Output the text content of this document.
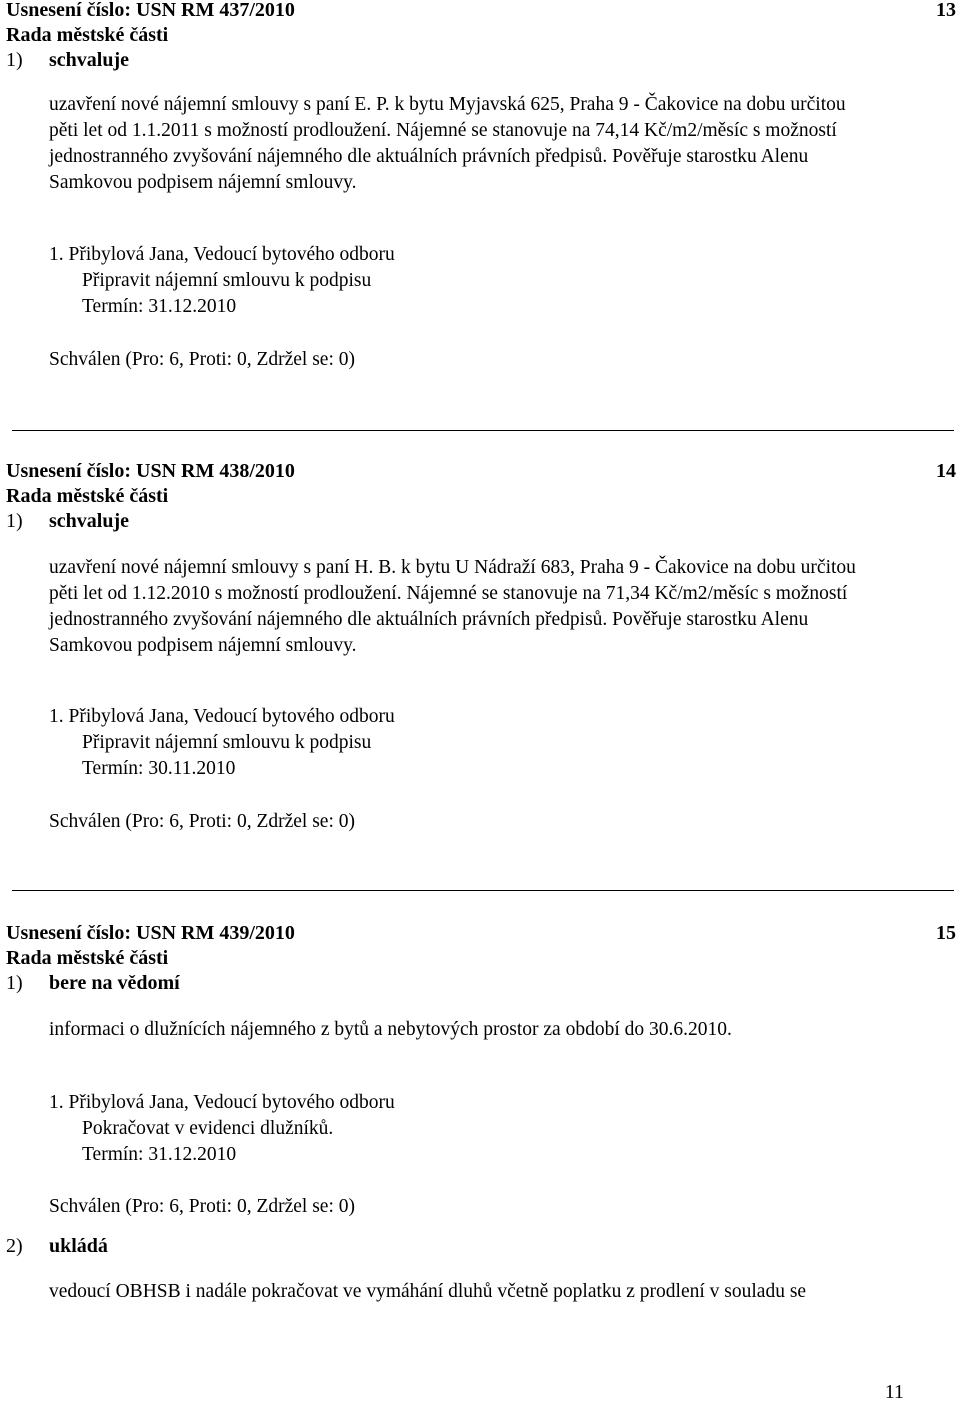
Usnesení číslo: USN RM 437/2010	13
Rada městské části
1) schvaluje
uzavření nové nájemní smlouvy s paní E. P. k bytu Myjavská 625, Praha 9 - Čakovice na dobu určitou
pěti let od 1.1.2011 s možností prodloužení. Nájemné se stanovuje na 74,14 Kč/m2/měsíc s možností
jednostranného zvyšování nájemného dle aktuálních právních předpisů. Pověřuje starostku Alenu
Samkovou podpisem nájemní smlouvy.
1. Přibylová Jana, Vedoucí bytového odboru
Připravit nájemní smlouvu k podpisu
Termín: 31.12.2010
Schválen (Pro: 6, Proti: 0, Zdržel se: 0)
Usnesení číslo: USN RM 438/2010	14
Rada městské části
1) schvaluje
uzavření nové nájemní smlouvy s paní H. B. k bytu U Nádraží 683, Praha 9 - Čakovice na dobu určitou
pěti let od 1.12.2010 s možností prodloužení. Nájemné se stanovuje na 71,34 Kč/m2/měsíc s možností
jednostranného zvyšování nájemného dle aktuálních právních předpisů. Pověřuje starostku Alenu
Samkovou podpisem nájemní smlouvy.
1. Přibylová Jana, Vedoucí bytového odboru
Připravit nájemní smlouvu k podpisu
Termín: 30.11.2010
Schválen (Pro: 6, Proti: 0, Zdržel se: 0)
Usnesení číslo: USN RM 439/2010	15
Rada městské části
1) bere na vědomí
informaci o dlužnících nájemného z bytů a nebytových prostor za období do 30.6.2010.
1. Přibylová Jana, Vedoucí bytového odboru
Pokračovat v evidenci dlužníků.
Termín: 31.12.2010
Schválen (Pro: 6, Proti: 0, Zdržel se: 0)
2) ukládá
vedoucí OBHSB i nadále pokračovat ve vymáhání dluhů včetně poplatku z prodlení v souladu se
11
